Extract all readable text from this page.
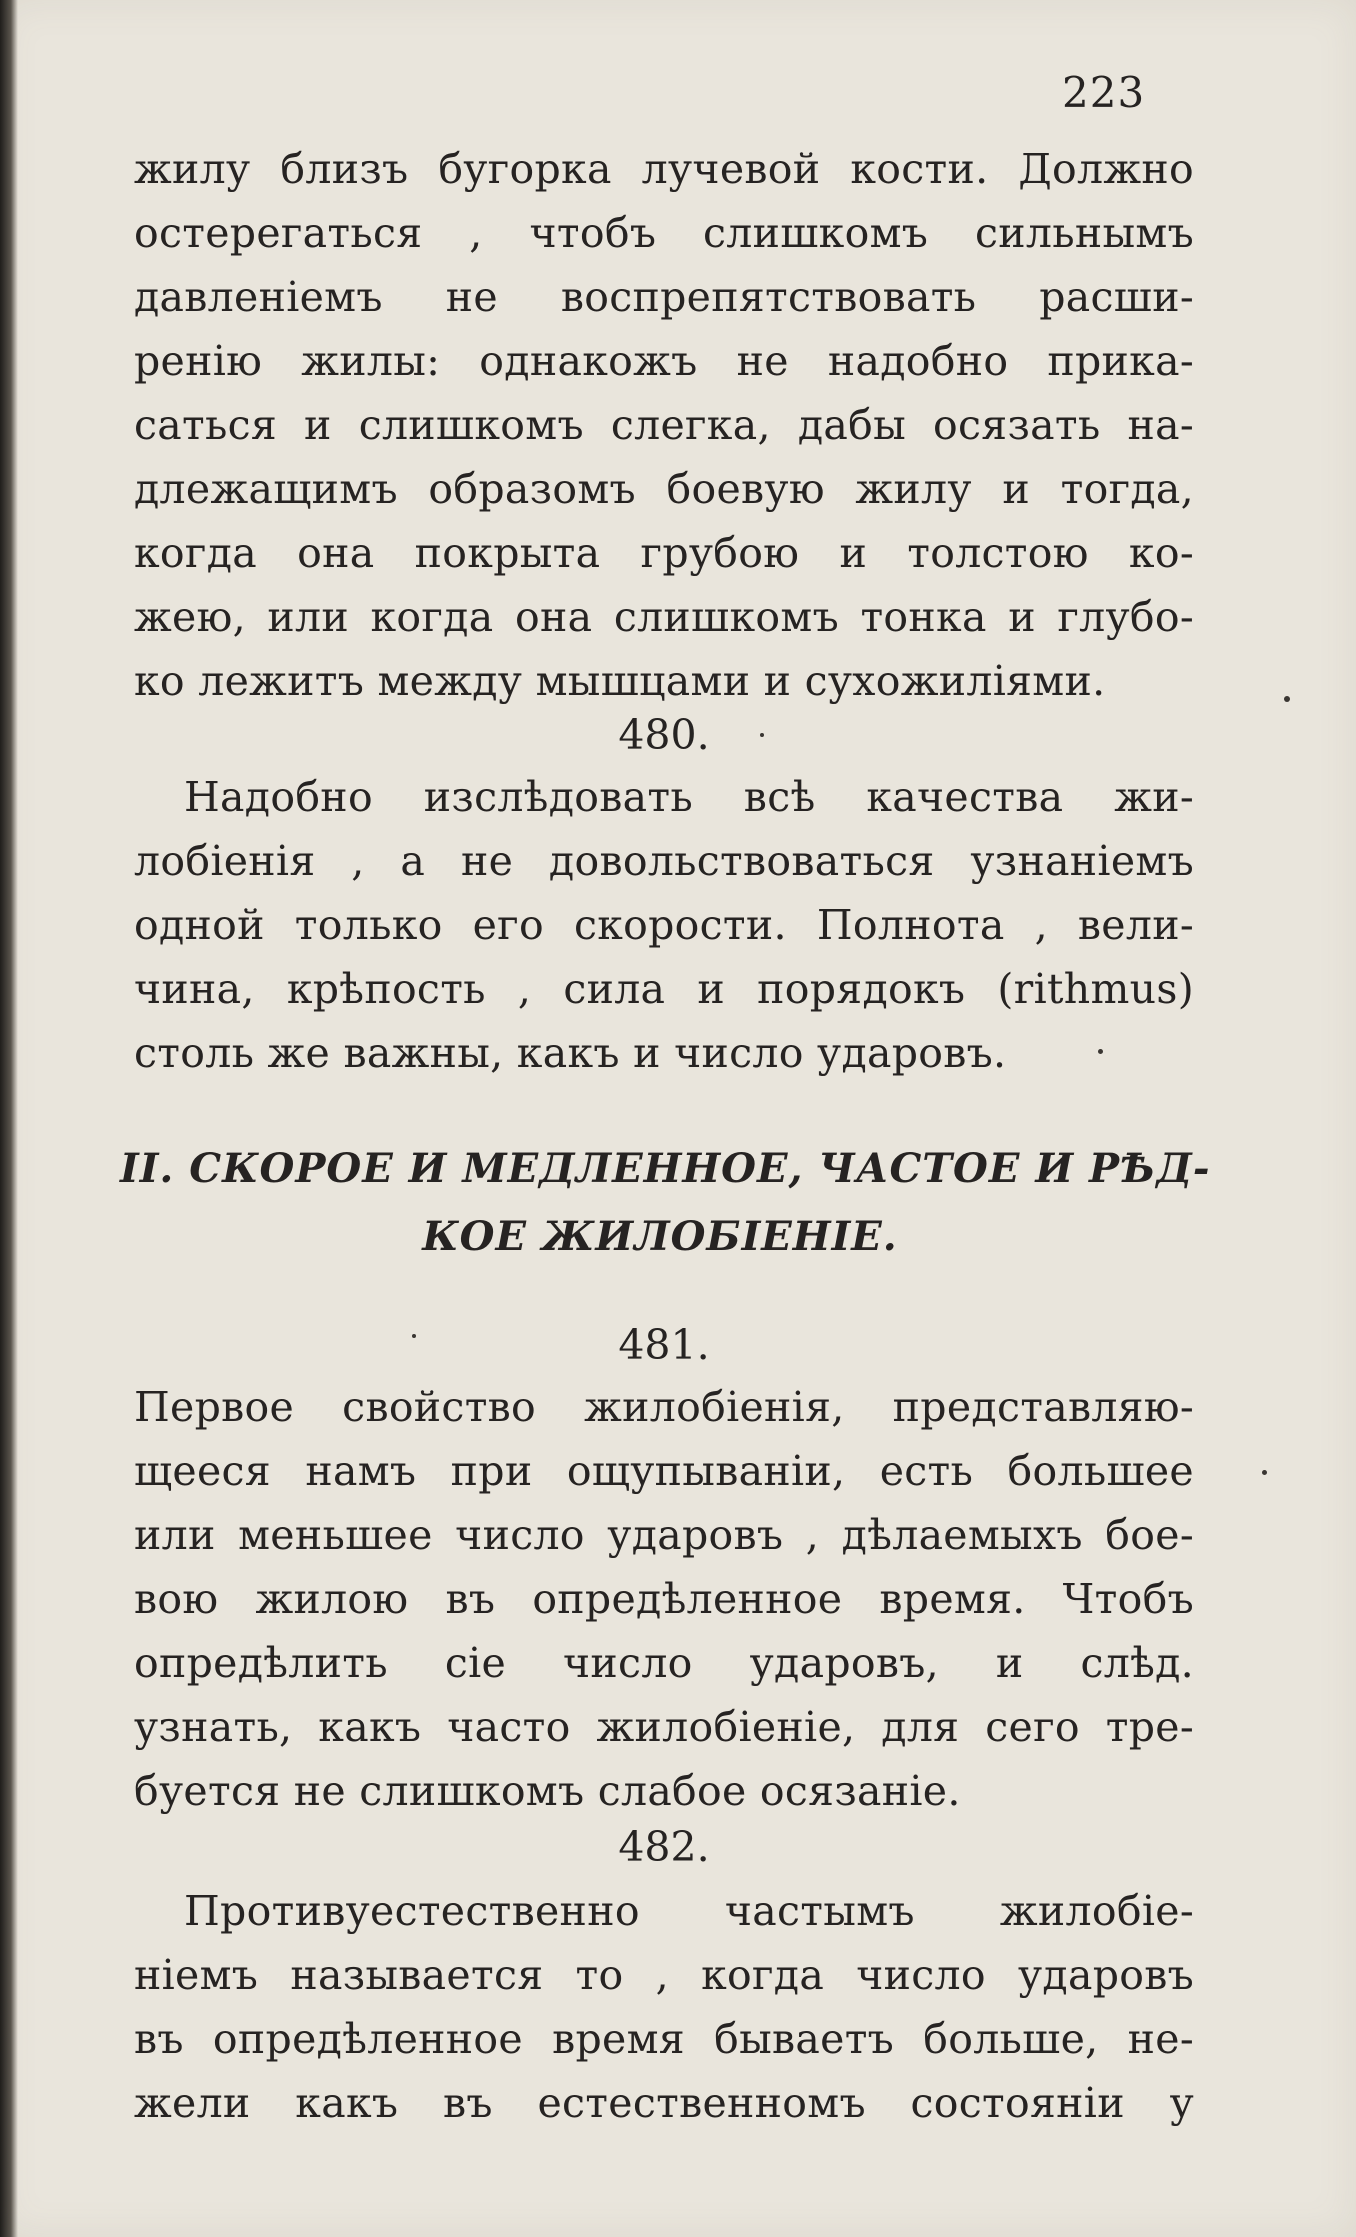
223
жилу близъ бугорка лучевой кости. Должно
остерегаться , чтобъ слишкомъ сильнымъ
давленіемъ не воспрепятствовать расши-
ренію жилы: однакожъ не надобно прика-
саться и слишкомъ слегка, дабы осязать на-
длежащимъ образомъ боевую жилу и тогда,
когда она покрыта грубою и толстою ко-
жею, или когда она слишкомъ тонка и глубо-
ко лежитъ между мышцами и сухожиліями.
480.
Надобно изслѣдовать всѣ качества жи-
лобіенія , а не довольствоваться узнаніемъ
одной только его скорости. Полнота , вели-
чина, крѣпость , сила и порядокъ (rithmus)
столь же важны, какъ и число ударовъ.
II. СКОРОЕ И МЕДЛЕННОЕ, ЧАСТОЕ И РѢД-
КОЕ ЖИЛОБІЕНІЕ.
481.
Первое свойство жилобіенія, представляю-
щееся намъ при ощупываніи, есть большее
или меньшее число ударовъ , дѣлаемыхъ бое-
вою жилою въ опредѣленное время. Чтобъ
опредѣлить сіе число ударовъ, и слѣд.
узнать, какъ часто жилобіеніе, для сего тре-
буется не слишкомъ слабое осязаніе.
482.
Противуестественно частымъ жилобіе-
ніемъ называется то , когда число ударовъ
въ опредѣленное время бываетъ больше, не-
жели какъ въ естественномъ состояніи у
